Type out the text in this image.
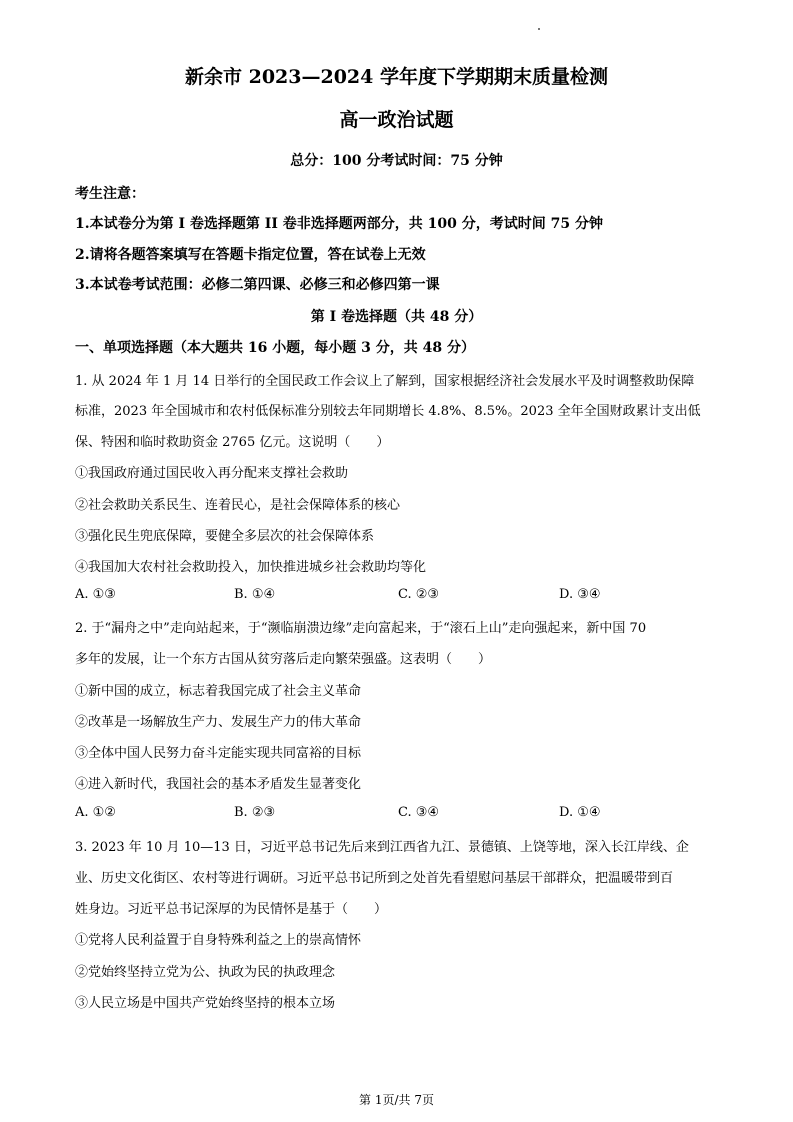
新余市 2023—2024 学年度下学期期末质量检测
高一政治试题
总分：100 分考试时间：75 分钟
考生注意：
1.本试卷分为第 I 卷选择题第 II 卷非选择题两部分，共 100 分，考试时间 75 分钟
2.请将各题答案填写在答题卡指定位置，答在试卷上无效
3.本试卷考试范围：必修二第四课、必修三和必修四第一课
第 I 卷选择题（共 48 分）
一、单项选择题（本大题共 16 小题，每小题 3 分，共 48 分）
1. 从 2024 年 1 月 14 日举行的全国民政工作会议上了解到，国家根据经济社会发展水平及时调整救助保障
标准，2023 年全国城市和农村低保标准分别较去年同期增长 4.8%、8.5%。2023 全年全国财政累计支出低
保、特困和临时救助资金 2765 亿元。这说明（　　）
①我国政府通过国民收入再分配来支撑社会救助
②社会救助关系民生、连着民心，是社会保障体系的核心
③强化民生兜底保障，要健全多层次的社会保障体系
④我国加大农村社会救助投入，加快推进城乡社会救助均等化
A. ①③	B. ①④	C. ②③	D. ③④
2. 于“漏舟之中”走向站起来，于“濒临崩溃边缘”走向富起来，于“滚石上山”走向强起来，新中国 70
多年的发展，让一个东方古国从贫穷落后走向繁荣强盛。这表明（　　）
①新中国的成立，标志着我国完成了社会主义革命
②改革是一场解放生产力、发展生产力的伟大革命
③全体中国人民努力奋斗定能实现共同富裕的目标
④进入新时代，我国社会的基本矛盾发生显著变化
A. ①②	B. ②③	C. ③④	D. ①④
3. 2023 年 10 月 10—13 日，习近平总书记先后来到江西省九江、景德镇、上饶等地，深入长江岸线、企
业、历史文化街区、农村等进行调研。习近平总书记所到之处首先看望慰问基层干部群众，把温暖带到百
姓身边。习近平总书记深厚的为民情怀是基于（　　）
①党将人民利益置于自身特殊利益之上的崇高情怀
②党始终坚持立党为公、执政为民的执政理念
③人民立场是中国共产党始终坚持的根本立场
第 1页/共 7页
